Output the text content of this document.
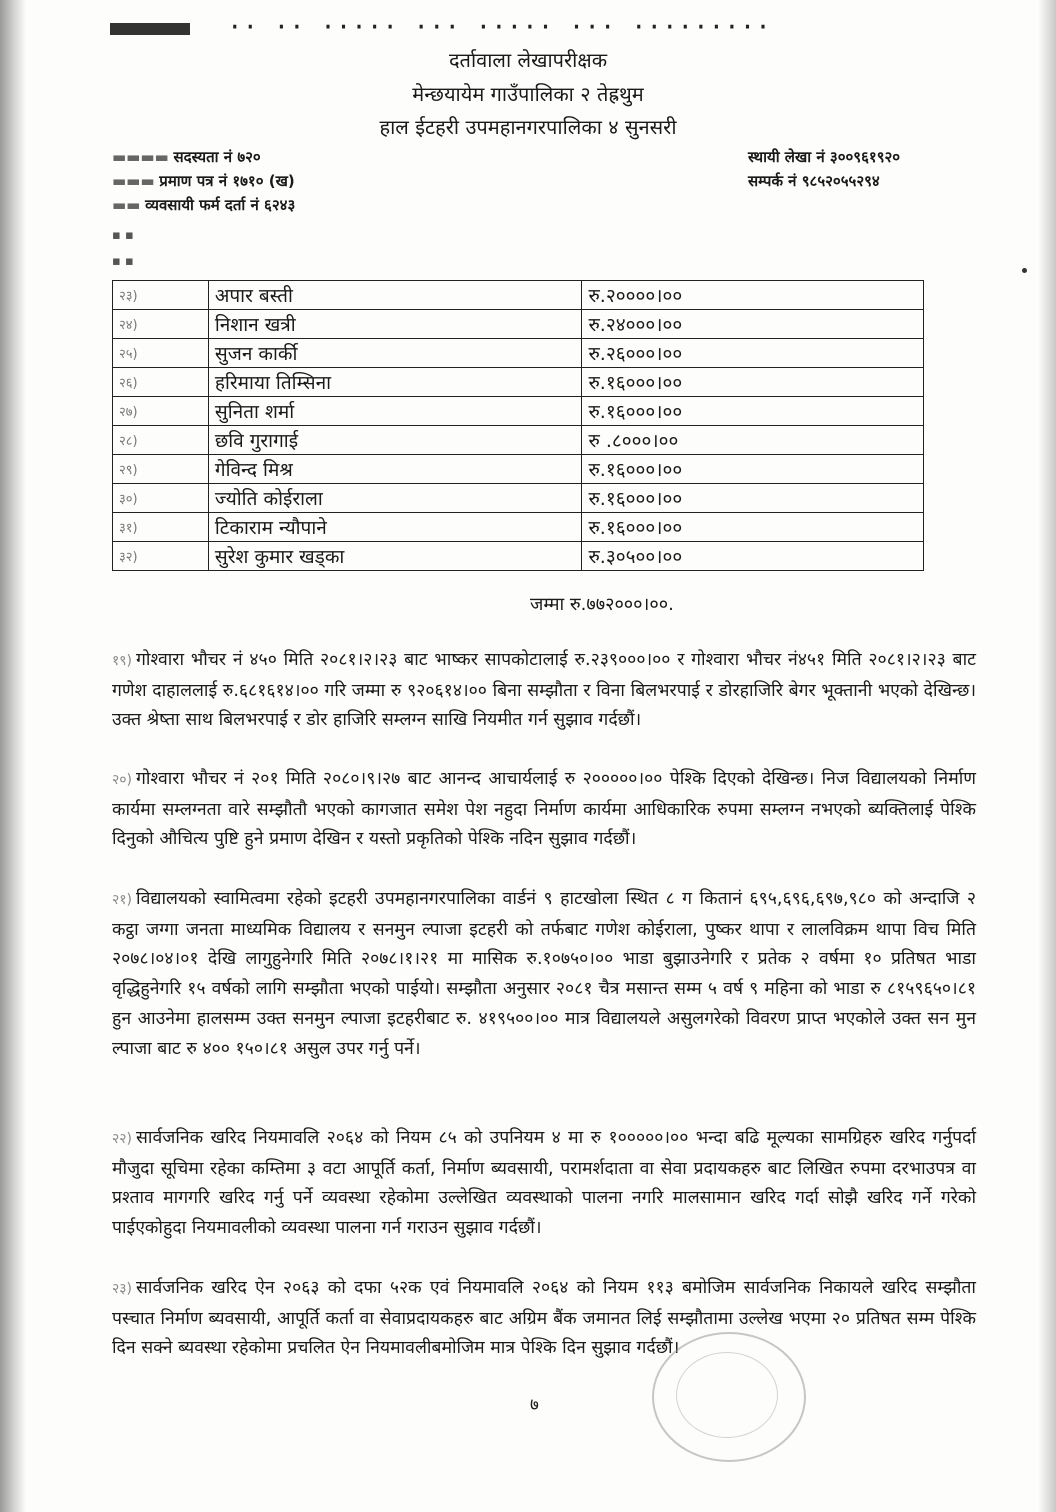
·· ·· ····· ··· ····· ··· ·········
दर्तावाला लेखापरीक्षक
मेन्छयायेम गाउँपालिका २ तेह्रथुम
हाल ईटहरी उपमहानगरपालिका ४ सुनसरी
▬▬▬▬ सदस्यता नं ७२०
▬▬▬ प्रमाण पत्र नं १७१० (ख)
▬▬ व्यवसायी फर्म दर्ता नं ६२४३
स्थायी लेखा नं ३००९६१९२०
सम्पर्क नं ९८५२०५५२९४
▪ ▪
▪ ▪
२३)	अपार बस्ती	रु.२००००।००
२४)	निशान खत्री	रु.२४०००।००
२५)	सुजन कार्की	रु.२६०००।००
२६)	हरिमाया तिम्सिना	रु.१६०००।००
२७)	सुनिता शर्मा	रु.१६०००।००
२८)	छवि गुरागाई	रु .८०००।००
२९)	गेविन्द मिश्र	रु.१६०००।००
३०)	ज्योति कोईराला	रु.१६०००।००
३१)	टिकाराम न्यौपाने	रु.१६०००।००
३२)	सुरेश कुमार खड्का	रु.३०५००।००
जम्मा रु.७७२०००।००.
१९) गोश्वारा भौचर नं ४५० मिति २०८१।२।२३ बाट भाष्कर सापकोटालाई रु.२३९०००।०० र गोश्वारा भौचर नं४५१ मिति २०८१।२।२३ बाट गणेश दाहाललाई रु.६८१६१४।०० गरि जम्मा रु ९२०६१४।०० बिना सम्झौता र विना बिलभरपाई र डोरहाजिरि बेगर भूक्तानी भएको देखिन्छ। उक्त श्रेष्ता साथ बिलभरपाई र डोर हाजिरि सम्लग्न साखि नियमीत गर्न सुझाव गर्दछौं।
२०) गोश्वारा भौचर नं २०१ मिति २०८०।९।२७ बाट आनन्द आचार्यलाई रु २०००००।०० पेश्कि दिएको देखिन्छ। निज विद्यालयको निर्माण कार्यमा सम्लग्नता वारे सम्झौतौ भएको कागजात समेश पेश नहुदा निर्माण कार्यमा आधिकारिक रुपमा सम्लग्न नभएको ब्यक्तिलाई पेश्कि दिनुको औचित्य पुष्टि हुने प्रमाण देखिन र यस्तो प्रकृतिको पेश्कि नदिन सुझाव गर्दछौं।
२१) विद्यालयको स्वामित्वमा रहेको इटहरी उपमहानगरपालिका वार्डनं ९ हाटखोला स्थित ८ ग कितानं ६९५,६९६,६९७,९८० को अन्दाजि २ कट्ठा जग्गा जनता माध्यमिक विद्यालय र सनमुन ल्पाजा इटहरी को तर्फबाट गणेश कोईराला, पुष्कर थापा र लालविक्रम थापा विच मिति २०७८।०४।०१ देखि लागुहुनेगरि मिति २०७८।१।२१ मा मासिक रु.१०७५०।०० भाडा बुझाउनेगरि र प्रतेक २ वर्षमा १० प्रतिषत भाडा वृद्धिहुनेगरि १५ वर्षको लागि सम्झौता भएको पाईयो। सम्झौता अनुसार २०८१ चैत्र मसान्त सम्म ५ वर्ष ९ महिना को भाडा रु ८१५९६५०।८१ हुन आउनेमा हालसम्म उक्त सनमुन ल्पाजा इटहरीबाट रु. ४१९५००।०० मात्र विद्यालयले असुलगरेको विवरण प्राप्त भएकोले उक्त सन मुन ल्पाजा बाट रु ४०० १५०।८१ असुल उपर गर्नु पर्ने।
२२) सार्वजनिक खरिद नियमावलि २०६४ को नियम ८५ को उपनियम ४ मा रु १०००००।०० भन्दा बढि मूल्यका सामग्रिहरु खरिद गर्नुपर्दा मौजुदा सूचिमा रहेका कम्तिमा ३ वटा आपूर्ति कर्ता, निर्माण ब्यवसायी, परामर्शदाता वा सेवा प्रदायकहरु बाट लिखित रुपमा दरभाउपत्र वा प्रश्ताव मागगरि खरिद गर्नु पर्ने व्यवस्था रहेकोमा उल्लेखित व्यवस्थाको पालना नगरि मालसामान खरिद गर्दा सोझै खरिद गर्ने गरेको पाईएकोहुदा नियमावलीको व्यवस्था पालना गर्न गराउन सुझाव गर्दछौं।
२३) सार्वजनिक खरिद ऐन २०६३ को दफा ५२क एवं नियमावलि २०६४ को नियम ११३ बमोजिम सार्वजनिक निकायले खरिद सम्झौता पस्चात निर्माण ब्यवसायी, आपूर्ति कर्ता वा सेवाप्रदायकहरु बाट अग्रिम बैंक जमानत लिई सम्झौतामा उल्लेख भएमा २० प्रतिषत सम्म पेश्कि दिन सक्ने ब्यवस्था रहेकोमा प्रचलित ऐन नियमावलीबमोजिम मात्र पेश्कि दिन सुझाव गर्दछौं।
७
